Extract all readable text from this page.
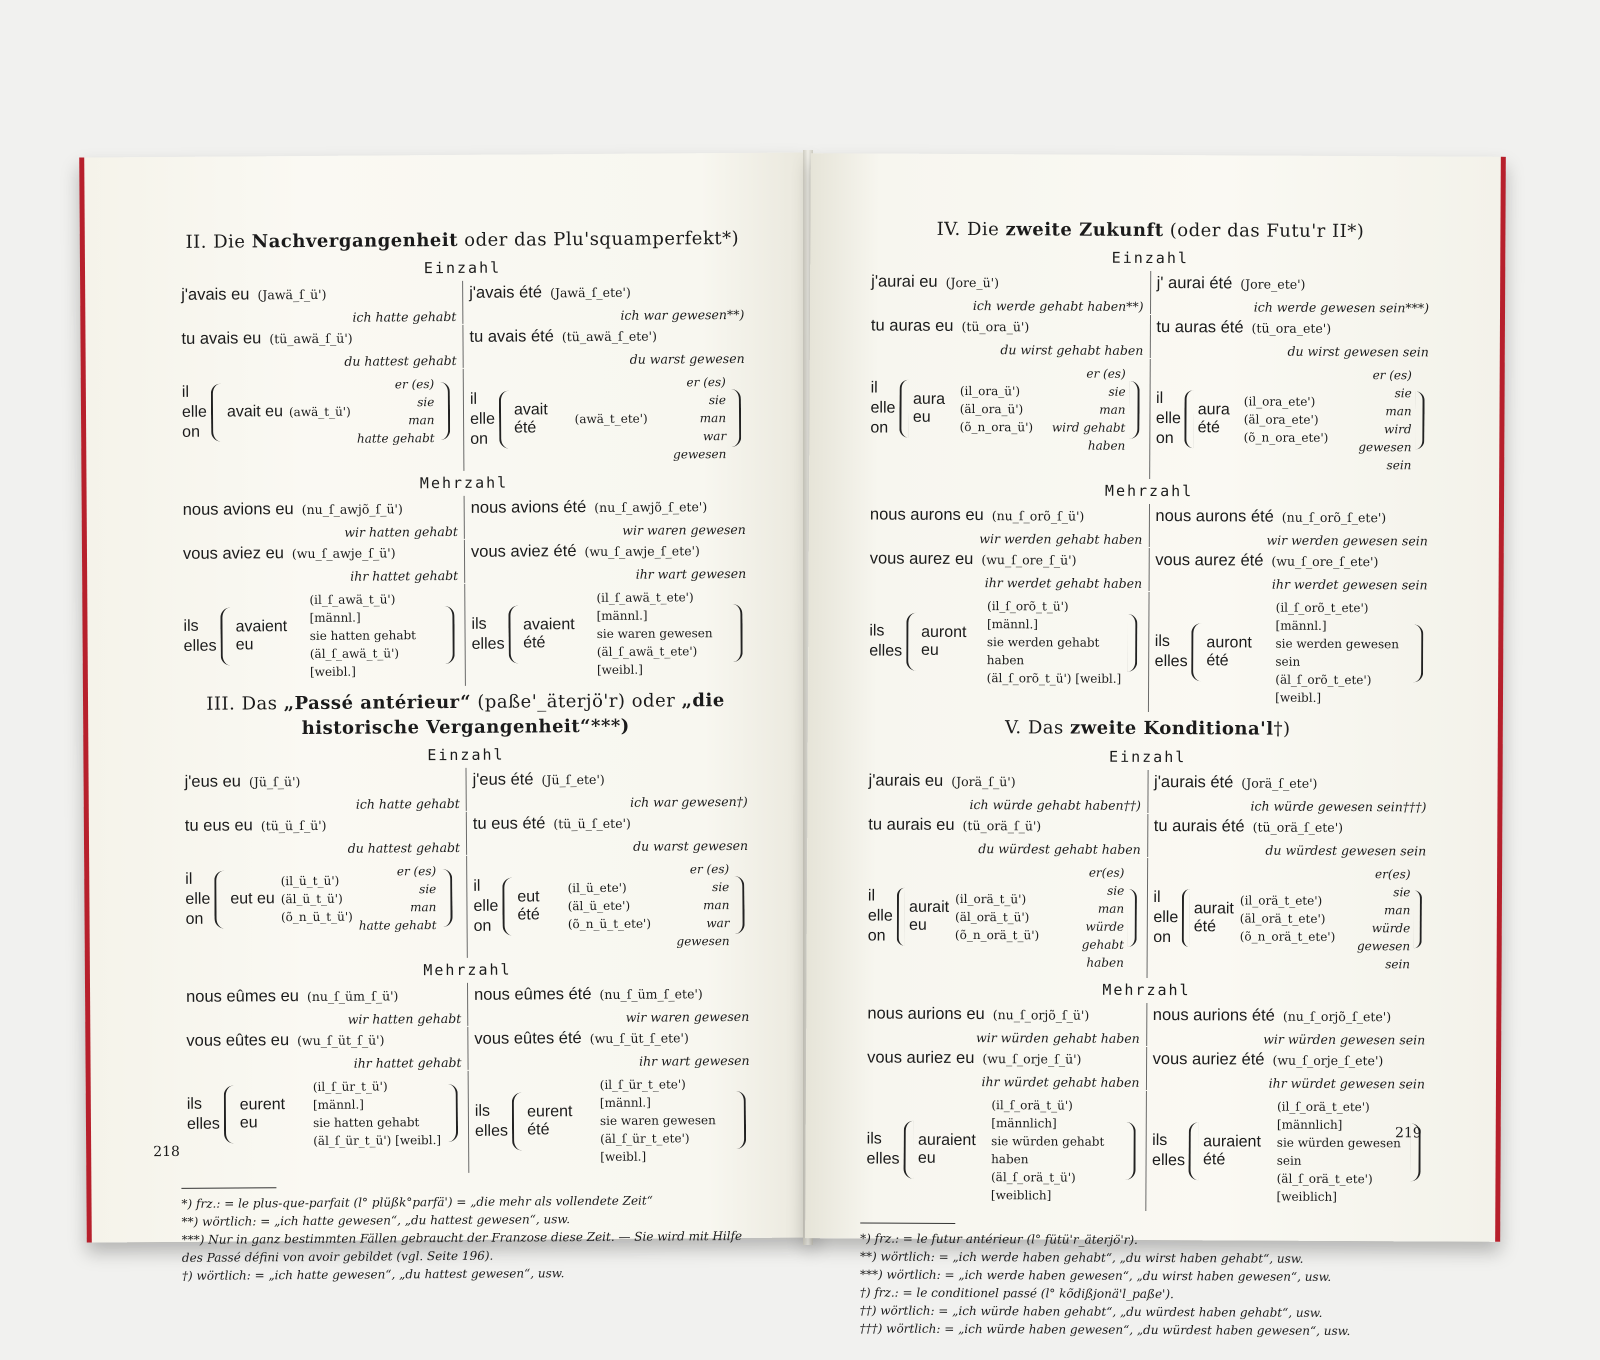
II. Die Nachvergangenheit oder das Plu'squamperfekt*)
Einzahl
j'avais eu (Jawä_ſ_ü')
ich hatte gehabt
j'avais été (Jawä_ſ_ete')
ich war gewesen**)
tu avais eu (tü_awä_ſ_ü')
du hattest gehabt
tu avais été (tü_awä_ſ_ete')
du warst gewesen
il
elle
on
avait eu (awä_t_ü')
er (es)
sie
man
hatte gehabt
il
elle
on
avait été
(awä_t_ete')
er (es)
sie
man
war gewesen
Mehrzahl
nous avions eu (nu_ſ_awjõ_ſ_ü')
wir hatten gehabt
nous avions été (nu_ſ_awjõ_ſ_ete')
wir waren gewesen
vous aviez eu (wu_ſ_awje_ſ_ü')
ihr hattet gehabt
vous aviez été (wu_ſ_awje_ſ_ete')
ihr wart gewesen
ils
elles
avaient eu
(il_ſ_awä_t_ü') [männl.]
sie hatten gehabt
(äl_ſ_awä_t_ü') [weibl.]
ils
elles
avaient été
(il_ſ_awä_t_ete') [männl.]
sie waren gewesen
(äl_ſ_awä_t_ete') [weibl.]
III. Das „Passé antérieur“ (paße'_äterjö'r) oder „die historische Vergangenheit“***)
Einzahl
j'eus eu (Jü_ſ_ü')
ich hatte gehabt
j'eus été (Jü_ſ_ete')
ich war gewesen†)
tu eus eu (tü_ü_ſ_ü')
du hattest gehabt
tu eus été (tü_ü_ſ_ete')
du warst gewesen
il
elle
on
eut eu
(il_ü_t_ü')
(äl_ü_t_ü')
(õ_n_ü_t_ü')
er (es)
sie
man
hatte gehabt
il
elle
on
eut été
(il_ü_ete')
(äl_ü_ete')
(õ_n_ü_t_ete')
er (es)
sie
man
war gewesen
Mehrzahl
nous eûmes eu (nu_ſ_üm_ſ_ü')
wir hatten gehabt
nous eûmes été (nu_ſ_üm_ſ_ete')
wir waren gewesen
vous eûtes eu (wu_ſ_üt_ſ_ü')
ihr hattet gehabt
vous eûtes été (wu_ſ_üt_ſ_ete')
ihr wart gewesen
ils
elles
eurent eu
(il_ſ_ür_t_ü') [männl.]
sie hatten gehabt
(äl_ſ_ür_t_ü') [weibl.]
ils
elles
eurent été
(il_ſ_ür_t_ete') [männl.]
sie waren gewesen
(äl_ſ_ür_t_ete') [weibl.]
*) frz.: = le plus-que-parfait (l° plüßk°parfä') = „die mehr als vollendete Zeit“
**) wörtlich: = „ich hatte gewesen“, „du hattest gewesen“, usw.
***) Nur in ganz bestimmten Fällen gebraucht der Franzose diese Zeit. — Sie wird mit Hilfe des Passé défini von avoir gebildet (vgl. Seite 196).
†) wörtlich: = „ich hatte gewesen“, „du hattest gewesen“, usw.
218
IV. Die zweite Zukunft (oder das Futu'r II*)
Einzahl
j'aurai eu (Jore_ü')
ich werde gehabt haben**)
j' aurai été (Jore_ete')
ich werde gewesen sein***)
tu auras eu (tü_ora_ü')
du wirst gehabt haben
tu auras été (tü_ora_ete')
du wirst gewesen sein
il
elle
on
aura eu
(il_ora_ü')
(äl_ora_ü')
(õ_n_ora_ü')
er (es)
sie
man
wird gehabt haben
il
elle
on
aura été
(il_ora_ete')
(äl_ora_ete')
(õ_n_ora_ete')
er (es)
sie
man
wird gewesen sein
Mehrzahl
nous aurons eu (nu_ſ_orõ_ſ_ü')
wir werden gehabt haben
nous aurons été (nu_ſ_orõ_ſ_ete')
wir werden gewesen sein
vous aurez eu (wu_ſ_ore_ſ_ü')
ihr werdet gehabt haben
vous aurez été (wu_ſ_ore_ſ_ete')
ihr werdet gewesen sein
ils
elles
auront eu
(il_ſ_orõ_t_ü') [männl.]
sie werden gehabt haben
(äl_ſ_orõ_t_ü') [weibl.]
ils
elles
auront été
(il_ſ_orõ_t_ete') [männl.]
sie werden gewesen sein
(äl_ſ_orõ_t_ete') [weibl.]
V. Das zweite Konditiona'l†)
Einzahl
j'aurais eu (Jorä_ſ_ü')
ich würde gehabt haben††)
j'aurais été (Jorä_ſ_ete')
ich würde gewesen sein†††)
tu aurais eu (tü_orä_ſ_ü')
du würdest gehabt haben
tu aurais été (tü_orä_ſ_ete')
du würdest gewesen sein
il
elle
on
aurait eu
(il_orä_t_ü')
(äl_orä_t_ü')
(õ_n_orä_t_ü')
er(es)
sie
man
würde gehabt haben
il
elle
on
aurait été
(il_orä_t_ete')
(äl_orä_t_ete')
(õ_n_orä_t_ete')
er(es)
sie
man
würde gewesen sein
Mehrzahl
nous aurions eu (nu_ſ_orjõ_ſ_ü')
wir würden gehabt haben
nous aurions été (nu_ſ_orjõ_ſ_ete')
wir würden gewesen sein
vous auriez eu (wu_ſ_orje_ſ_ü')
ihr würdet gehabt haben
vous auriez été (wu_ſ_orje_ſ_ete')
ihr würdet gewesen sein
ils
elles
auraient eu
(il_ſ_orä_t_ü') [männlich]
sie würden gehabt haben
(äl_ſ_orä_t_ü') [weiblich]
ils
elles
auraient été
(il_ſ_orä_t_ete') [männlich]
sie würden gewesen sein
(äl_ſ_orä_t_ete') [weiblich]
*) frz.: = le futur antérieur (l° fütü'r_äterjö'r).
**) wörtlich: = „ich werde haben gehabt“, „du wirst haben gehabt“, usw.
***) wörtlich: = „ich werde haben gewesen“, „du wirst haben gewesen“, usw.
†) frz.: = le conditionel passé (l° kõdißjonä'l_paße').
††) wörtlich: = „ich würde haben gehabt“, „du würdest haben gehabt“, usw.
†††) wörtlich: = „ich würde haben gewesen“, „du würdest haben gewesen“, usw.
219
